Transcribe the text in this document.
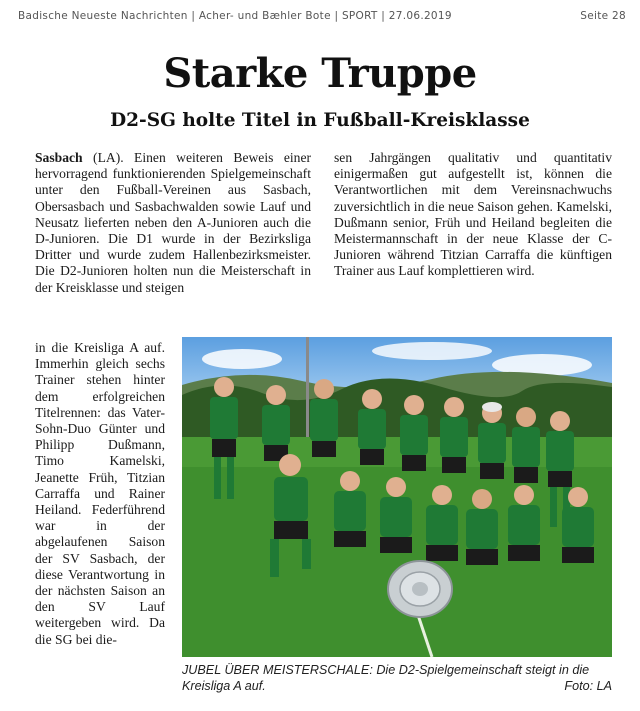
Badische Neueste Nachrichten | Acher- und Bæhler Bote | SPORT | 27.06.2019	Seite 28
Starke Truppe
D2-SG holte Titel in Fußball-Kreisklasse
Sasbach (LA). Einen weiteren Beweis einer hervorragend funktionierenden Spielgemeinschaft unter den Fußball-Vereinen aus Sasbach, Obersasbach und Sasbachwalden sowie Lauf und Neusatz lieferten neben den A-Junioren auch die D-Junioren. Die D1 wurde in der Bezirksliga Dritter und wurde zudem Hallenbezirksmeister. Die D2-Junioren holten nun die Meisterschaft in der Kreisklasse und steigen
in die Kreisliga A auf. Immerhin gleich sechs Trainer stehen hinter dem erfolgreichen Titelrennen: das Vater-Sohn-Duo Günter und Philipp Dußmann, Timo Kamelski, Jeanette Früh, Titzian Carraffa und Rainer Heiland. Federführend war in der abgelaufenen Saison der SV Sasbach, der diese Verantwortung in der nächsten Saison an den SV Lauf weitergeben wird. Da die SG bei die-
sen Jahrgängen qualitativ und quantitativ einigermaßen gut aufgestellt ist, können die Verantwortlichen mit dem Vereinsnachwuchs zuversichtlich in die neue Saison gehen. Kamelski, Dußmann senior, Früh und Heiland begleiten die Meistermannschaft in der neue Klasse der C-Junioren während Titzian Carraffa die künftigen Trainer aus Lauf komplettieren wird.
JUBEL ÜBER MEISTERSCHALE: Die D2-Spielgemeinschaft steigt in die Kreisliga A auf.	Foto: LA
